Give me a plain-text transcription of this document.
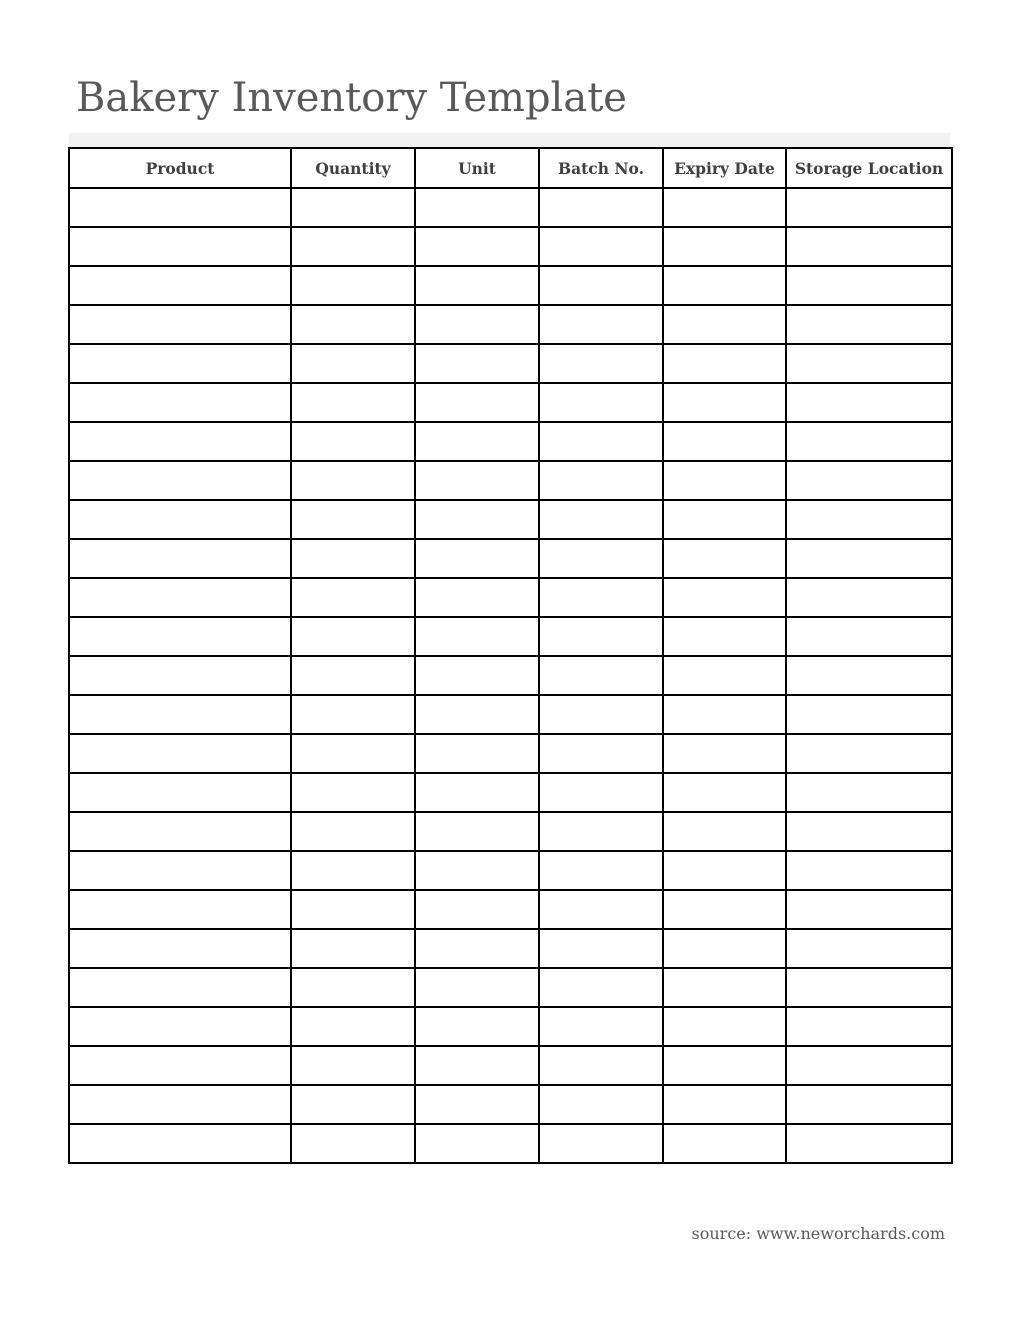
Bakery Inventory Template
Product	Quantity	Unit	Batch No.	Expiry Date	Storage Location

source: www.neworchards.com
